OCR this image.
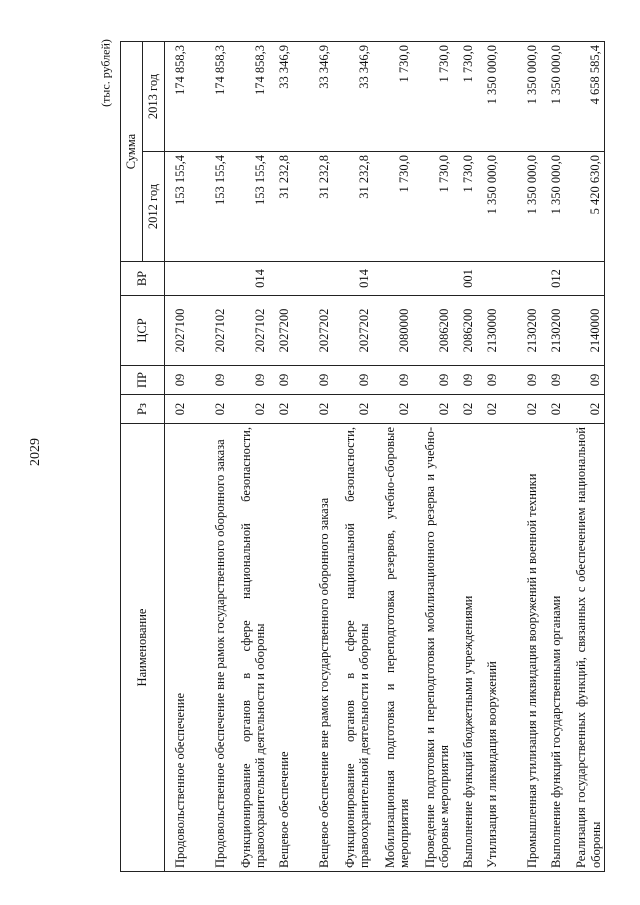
2029
(тыс. рублей)
Наименование	Рз	ПР	ЦСР	ВР	Сумма	
					2012 год	2013 год
Продовольственное обеспечение	02	09	2027100		153 155,4	174 858,3
Продовольственное обеспечение вне рамок государственного оборонного заказа	02	09	2027102		153 155,4	174 858,3
Функционирование органов в сфере национальной безопасности, правоохранительной деятельности и обороны	02	09	2027102	014	153 155,4	174 858,3
Вещевое обеспечение	02	09	2027200		31 232,8	33 346,9
Вещевое обеспечение вне рамок государственного оборонного заказа	02	09	2027202		31 232,8	33 346,9
Функционирование органов в сфере национальной безопасности, правоохранительной деятельности и обороны	02	09	2027202	014	31 232,8	33 346,9
Мобилизационная подготовка и переподготовка резервов, учебно-сборовые мероприятия	02	09	2080000		1 730,0	1 730,0
Проведение подготовки и переподготовки мобилизационного резерва и учебно-сборовые мероприятия	02	09	2086200		1 730,0	1 730,0
Выполнение функций бюджетными учреждениями	02	09	2086200	001	1 730,0	1 730,0
Утилизация и ликвидация вооружений	02	09	2130000		1 350 000,0	1 350 000,0
Промышленная утилизация и ликвидация вооружений и военной техники	02	09	2130200		1 350 000,0	1 350 000,0
Выполнение функций государственными органами	02	09	2130200	012	1 350 000,0	1 350 000,0
Реализация государственных функций, связанных с обеспечением национальной обороны	02	09	2140000		5 420 630,0	4 658 585,4
